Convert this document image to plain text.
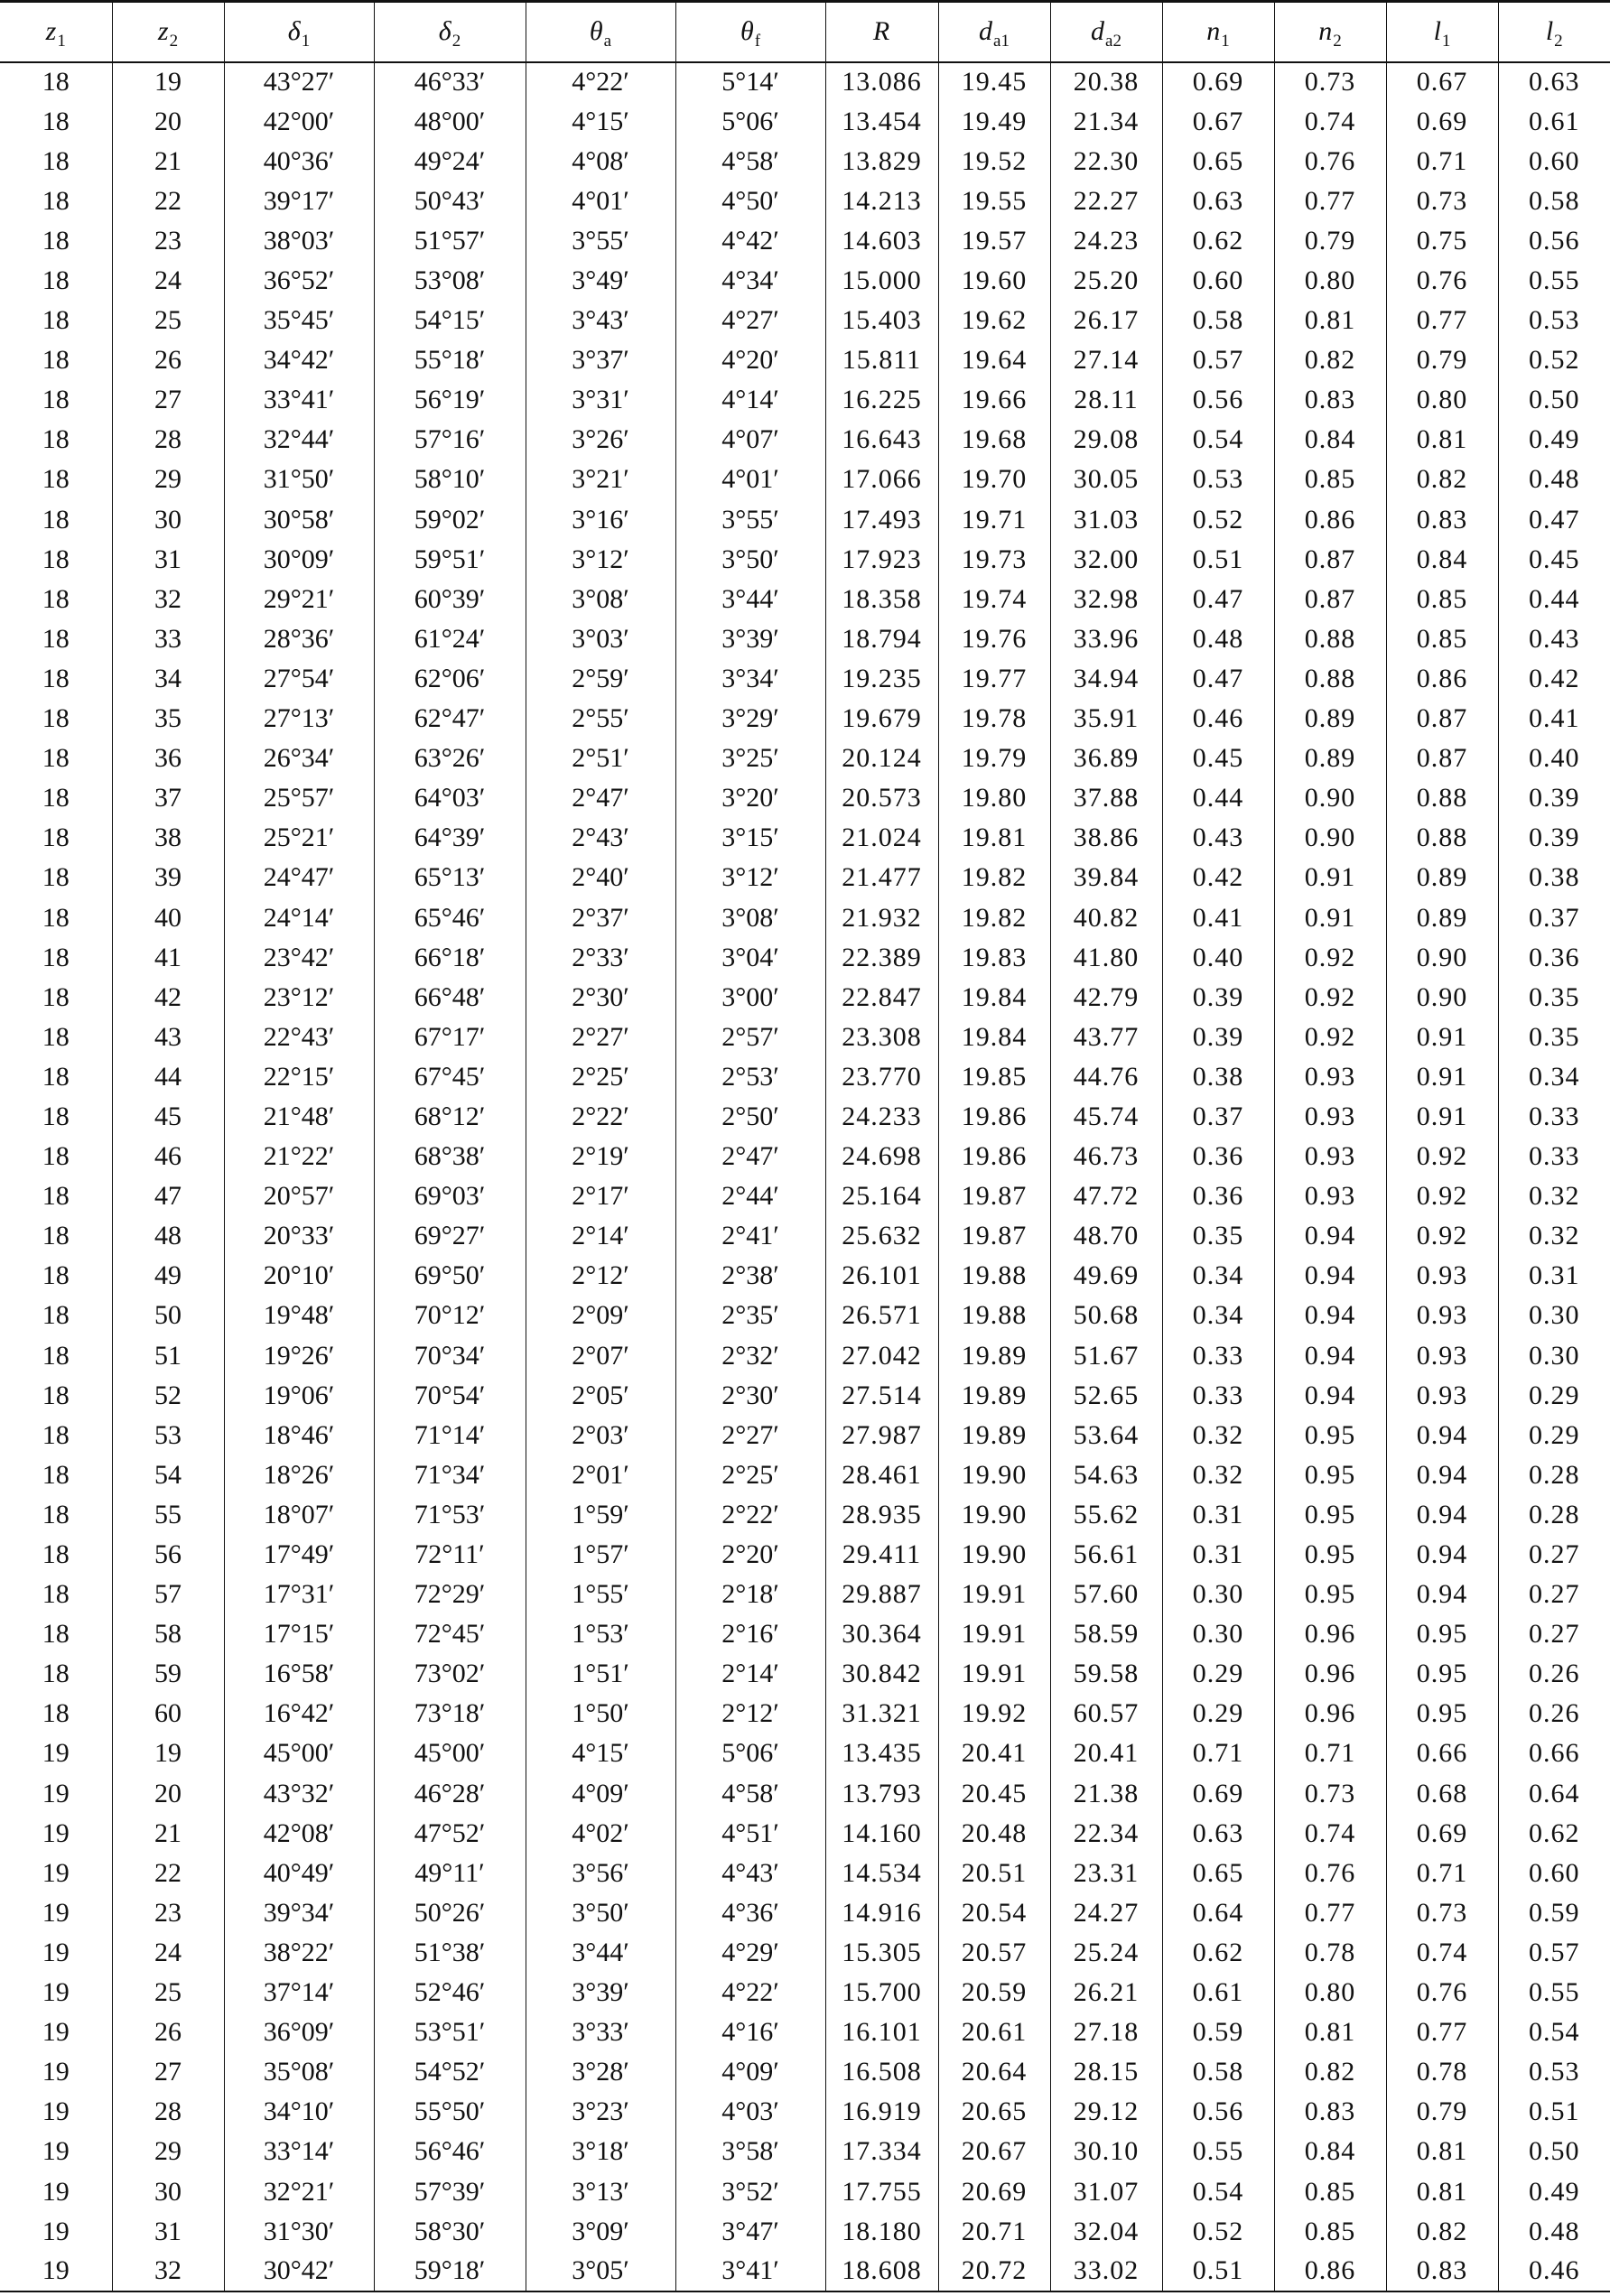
$z_1$	$z_2$	$\delta_1$	$\delta_2$	$\theta_a$	$\theta_f$	R	$d_{a1}$	$d_{a2}$	$n_1$	$n_2$	$l_1$	$l_2$
18	19	43°27′	46°33′	4°22′	5°14′	13.086	19.45	20.38	0.69	0.73	0.67	0.63
18	20	42°00′	48°00′	4°15′	5°06′	13.454	19.49	21.34	0.67	0.74	0.69	0.61
18	21	40°36′	49°24′	4°08′	4°58′	13.829	19.52	22.30	0.65	0.76	0.71	0.60
18	22	39°17′	50°43′	4°01′	4°50′	14.213	19.55	22.27	0.63	0.77	0.73	0.58
18	23	38°03′	51°57′	3°55′	4°42′	14.603	19.57	24.23	0.62	0.79	0.75	0.56
18	24	36°52′	53°08′	3°49′	4°34′	15.000	19.60	25.20	0.60	0.80	0.76	0.55
18	25	35°45′	54°15′	3°43′	4°27′	15.403	19.62	26.17	0.58	0.81	0.77	0.53
18	26	34°42′	55°18′	3°37′	4°20′	15.811	19.64	27.14	0.57	0.82	0.79	0.52
18	27	33°41′	56°19′	3°31′	4°14′	16.225	19.66	28.11	0.56	0.83	0.80	0.50
18	28	32°44′	57°16′	3°26′	4°07′	16.643	19.68	29.08	0.54	0.84	0.81	0.49
18	29	31°50′	58°10′	3°21′	4°01′	17.066	19.70	30.05	0.53	0.85	0.82	0.48
18	30	30°58′	59°02′	3°16′	3°55′	17.493	19.71	31.03	0.52	0.86	0.83	0.47
18	31	30°09′	59°51′	3°12′	3°50′	17.923	19.73	32.00	0.51	0.87	0.84	0.45
18	32	29°21′	60°39′	3°08′	3°44′	18.358	19.74	32.98	0.47	0.87	0.85	0.44
18	33	28°36′	61°24′	3°03′	3°39′	18.794	19.76	33.96	0.48	0.88	0.85	0.43
18	34	27°54′	62°06′	2°59′	3°34′	19.235	19.77	34.94	0.47	0.88	0.86	0.42
18	35	27°13′	62°47′	2°55′	3°29′	19.679	19.78	35.91	0.46	0.89	0.87	0.41
18	36	26°34′	63°26′	2°51′	3°25′	20.124	19.79	36.89	0.45	0.89	0.87	0.40
18	37	25°57′	64°03′	2°47′	3°20′	20.573	19.80	37.88	0.44	0.90	0.88	0.39
18	38	25°21′	64°39′	2°43′	3°15′	21.024	19.81	38.86	0.43	0.90	0.88	0.39
18	39	24°47′	65°13′	2°40′	3°12′	21.477	19.82	39.84	0.42	0.91	0.89	0.38
18	40	24°14′	65°46′	2°37′	3°08′	21.932	19.82	40.82	0.41	0.91	0.89	0.37
18	41	23°42′	66°18′	2°33′	3°04′	22.389	19.83	41.80	0.40	0.92	0.90	0.36
18	42	23°12′	66°48′	2°30′	3°00′	22.847	19.84	42.79	0.39	0.92	0.90	0.35
18	43	22°43′	67°17′	2°27′	2°57′	23.308	19.84	43.77	0.39	0.92	0.91	0.35
18	44	22°15′	67°45′	2°25′	2°53′	23.770	19.85	44.76	0.38	0.93	0.91	0.34
18	45	21°48′	68°12′	2°22′	2°50′	24.233	19.86	45.74	0.37	0.93	0.91	0.33
18	46	21°22′	68°38′	2°19′	2°47′	24.698	19.86	46.73	0.36	0.93	0.92	0.33
18	47	20°57′	69°03′	2°17′	2°44′	25.164	19.87	47.72	0.36	0.93	0.92	0.32
18	48	20°33′	69°27′	2°14′	2°41′	25.632	19.87	48.70	0.35	0.94	0.92	0.32
18	49	20°10′	69°50′	2°12′	2°38′	26.101	19.88	49.69	0.34	0.94	0.93	0.31
18	50	19°48′	70°12′	2°09′	2°35′	26.571	19.88	50.68	0.34	0.94	0.93	0.30
18	51	19°26′	70°34′	2°07′	2°32′	27.042	19.89	51.67	0.33	0.94	0.93	0.30
18	52	19°06′	70°54′	2°05′	2°30′	27.514	19.89	52.65	0.33	0.94	0.93	0.29
18	53	18°46′	71°14′	2°03′	2°27′	27.987	19.89	53.64	0.32	0.95	0.94	0.29
18	54	18°26′	71°34′	2°01′	2°25′	28.461	19.90	54.63	0.32	0.95	0.94	0.28
18	55	18°07′	71°53′	1°59′	2°22′	28.935	19.90	55.62	0.31	0.95	0.94	0.28
18	56	17°49′	72°11′	1°57′	2°20′	29.411	19.90	56.61	0.31	0.95	0.94	0.27
18	57	17°31′	72°29′	1°55′	2°18′	29.887	19.91	57.60	0.30	0.95	0.94	0.27
18	58	17°15′	72°45′	1°53′	2°16′	30.364	19.91	58.59	0.30	0.96	0.95	0.27
18	59	16°58′	73°02′	1°51′	2°14′	30.842	19.91	59.58	0.29	0.96	0.95	0.26
18	60	16°42′	73°18′	1°50′	2°12′	31.321	19.92	60.57	0.29	0.96	0.95	0.26
19	19	45°00′	45°00′	4°15′	5°06′	13.435	20.41	20.41	0.71	0.71	0.66	0.66
19	20	43°32′	46°28′	4°09′	4°58′	13.793	20.45	21.38	0.69	0.73	0.68	0.64
19	21	42°08′	47°52′	4°02′	4°51′	14.160	20.48	22.34	0.63	0.74	0.69	0.62
19	22	40°49′	49°11′	3°56′	4°43′	14.534	20.51	23.31	0.65	0.76	0.71	0.60
19	23	39°34′	50°26′	3°50′	4°36′	14.916	20.54	24.27	0.64	0.77	0.73	0.59
19	24	38°22′	51°38′	3°44′	4°29′	15.305	20.57	25.24	0.62	0.78	0.74	0.57
19	25	37°14′	52°46′	3°39′	4°22′	15.700	20.59	26.21	0.61	0.80	0.76	0.55
19	26	36°09′	53°51′	3°33′	4°16′	16.101	20.61	27.18	0.59	0.81	0.77	0.54
19	27	35°08′	54°52′	3°28′	4°09′	16.508	20.64	28.15	0.58	0.82	0.78	0.53
19	28	34°10′	55°50′	3°23′	4°03′	16.919	20.65	29.12	0.56	0.83	0.79	0.51
19	29	33°14′	56°46′	3°18′	3°58′	17.334	20.67	30.10	0.55	0.84	0.81	0.50
19	30	32°21′	57°39′	3°13′	3°52′	17.755	20.69	31.07	0.54	0.85	0.81	0.49
19	31	31°30′	58°30′	3°09′	3°47′	18.180	20.71	32.04	0.52	0.85	0.82	0.48
19	32	30°42′	59°18′	3°05′	3°41′	18.608	20.72	33.02	0.51	0.86	0.83	0.46
